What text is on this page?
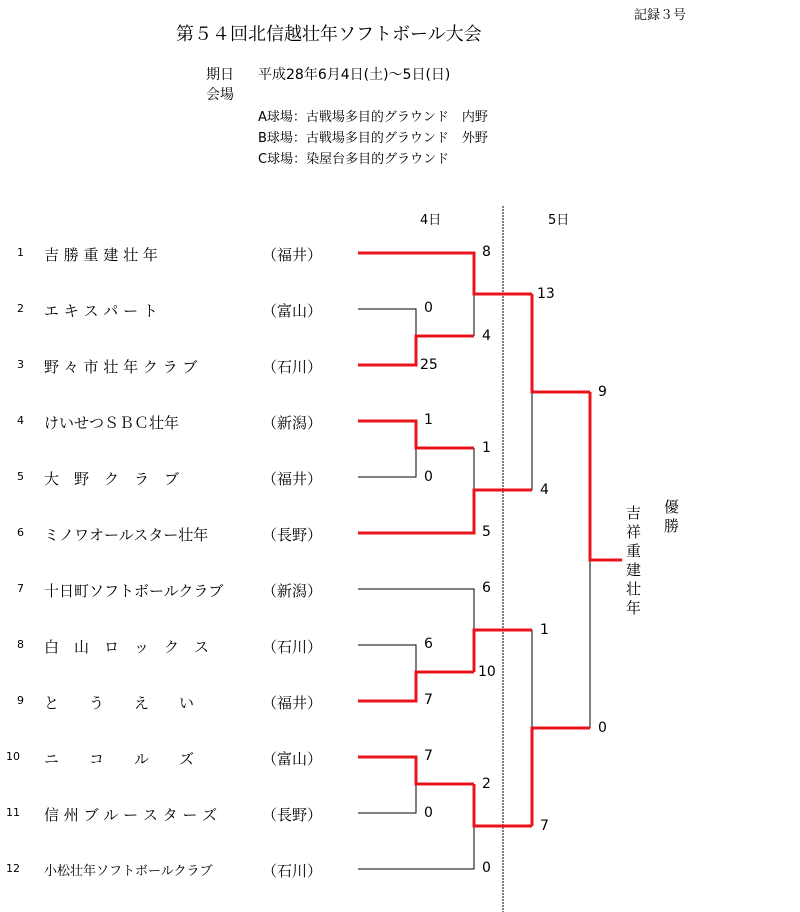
記録３号
第５４回北信越壮年ソフトボール大会
期日 平成28年6月4日(土)～5日(日)
会場
A球場：古戦場多目的グラウンド　内野
B球場：古戦場多目的グラウンド　外野
C球場：染屋台多目的グラウンド
4日	5日
1 吉 勝 重 建 壮 年	（福井）
2 エ キ ス パ ー ト	（富山）
3 野 々 市 壮 年 ク ラ ブ	（石川）
4 けいせつＳＢＣ壮年	（新潟）
5 大　野　ク　ラ　ブ	（福井）
6 ミノワオールスター壮年	（長野）
7 十日町ソフトボールクラブ	（新潟）
8 白　山　ロ　ッ　ク　ス	（石川）
9 と　　う　　え　　い	（福井）
10 ニ　　コ　　ル　　ズ	（富山）
11 信 州 ブ ル ー ス タ ー ズ	（長野）
12 小松壮年ソフトボールクラブ	（石川）
0
25
1
0
6
7
7
0
8
4
1
5
6
10
2
0
13
4
1
7
9
0
優勝
吉祥重建壮年
